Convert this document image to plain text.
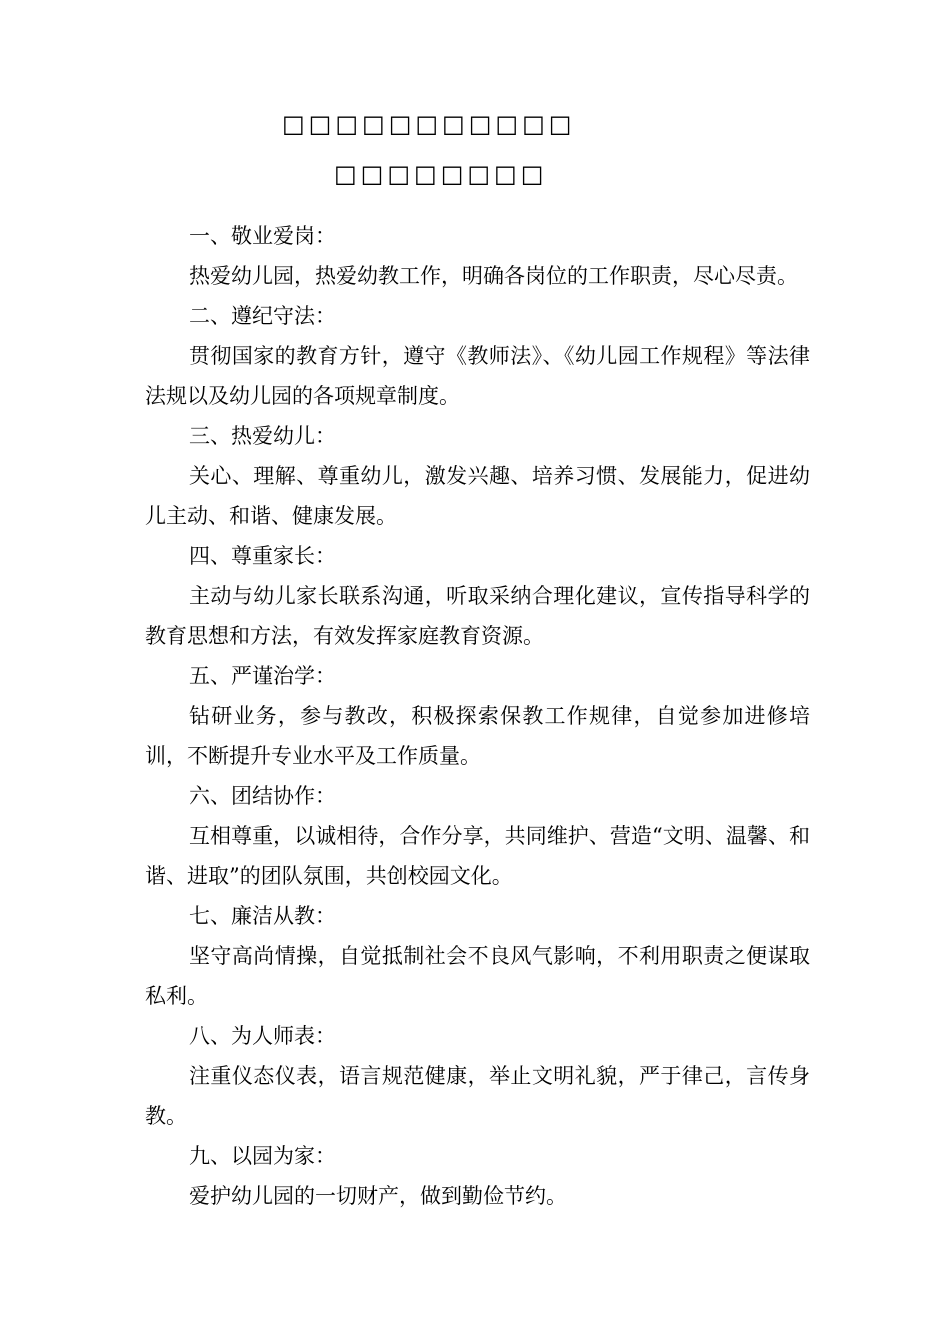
□□□□□□□□□□□
□□□□□□□□

一、敬业爱岗：

热爱幼儿园，热爱幼教工作，明确各岗位的工作职责，尽心尽责。

二、遵纪守法：

贯彻国家的教育方针，遵守《教师法》、《幼儿园工作规程》等法律法规以及幼儿园的各项规章制度。

三、热爱幼儿：

关心、理解、尊重幼儿，激发兴趣、培养习惯、发展能力，促进幼儿主动、和谐、健康发展。

四、尊重家长：

主动与幼儿家长联系沟通，听取采纳合理化建议，宣传指导科学的教育思想和方法，有效发挥家庭教育资源。

五、严谨治学：

钻研业务，参与教改，积极探索保教工作规律，自觉参加进修培训，不断提升专业水平及工作质量。

六、团结协作：

互相尊重，以诚相待，合作分享，共同维护、营造“文明、温馨、和谐、进取”的团队氛围，共创校园文化。

七、廉洁从教：

坚守高尚情操，自觉抵制社会不良风气影响，不利用职责之便谋取私利。

八、为人师表：

注重仪态仪表，语言规范健康，举止文明礼貌，严于律己，言传身教。

九、以园为家：

爱护幼儿园的一切财产，做到勤俭节约。
